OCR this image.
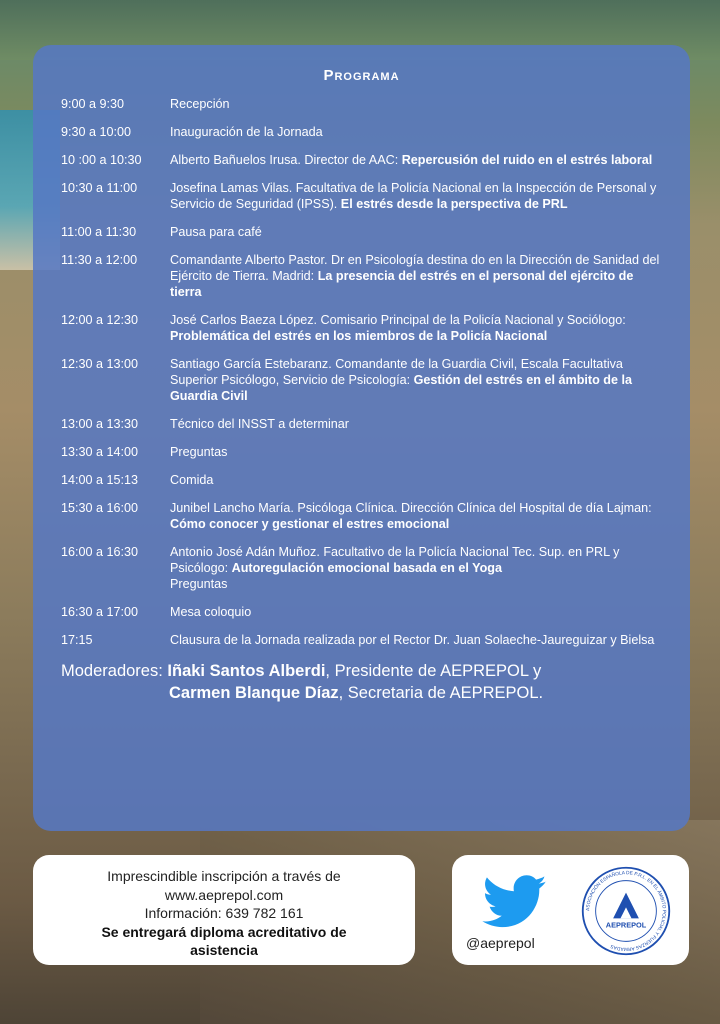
Programa
9:00 a 9:30	Recepción
9:30 a 10:00	Inauguración de la Jornada
10 :00 a 10:30	Alberto Bañuelos Irusa. Director de AAC: Repercusión del ruido en el estrés laboral
10:30 a 11:00	Josefina Lamas Vilas. Facultativa de la Policía Nacional en la Inspección de Personal y Servicio de Seguridad (IPSS). El estrés desde la perspectiva de PRL
11:00 a 11:30	Pausa para café
11:30 a 12:00	Comandante Alberto Pastor. Dr en Psicología destina do en la Dirección de Sanidad del Ejército de Tierra. Madrid: La presencia del estrés en el personal del ejército de tierra
12:00 a 12:30	José Carlos Baeza López. Comisario Principal de la Policía Nacional y Sociólogo: Problemática del estrés en los miembros de la Policía Nacional
12:30 a 13:00	Santiago García Estebaranz. Comandante de la Guardia Civil, Escala Facultativa Superior Psicólogo, Servicio de Psicología: Gestión del estrés en el ámbito de la Guardia Civil
13:00 a 13:30	Técnico del INSST a determinar
13:30 a 14:00	Preguntas
14:00 a 15:13	Comida
15:30 a 16:00	Junibel Lancho María. Psicóloga Clínica. Dirección Clínica del Hospital de día Lajman: Cómo conocer y gestionar el estres emocional
16:00 a 16:30	Antonio José Adán Muñoz. Facultativo de la Policía Nacional Tec. Sup. en PRL y Psicólogo: Autoregulación emocional basada en el Yoga
Preguntas
16:30 a 17:00	Mesa coloquio
17:15	Clausura de la Jornada realizada por el Rector Dr. Juan Solaeche-Jaureguizar y Bielsa
Moderadores: Iñaki Santos Alberdi, Presidente de AEPREPOL y
Carmen Blanque Díaz, Secretaria de AEPREPOL.
Imprescindible inscripción a través de
www.aeprepol.com
Información: 639 782 161
Se entregará diploma acreditativo de
asistencia	@aeprepol
AEPREPOL
ASOCIACIÓN ESPAÑOLA DE P.R.L. EN EL ÁMBITO POLICIAL Y FUERZAS ARMADAS
